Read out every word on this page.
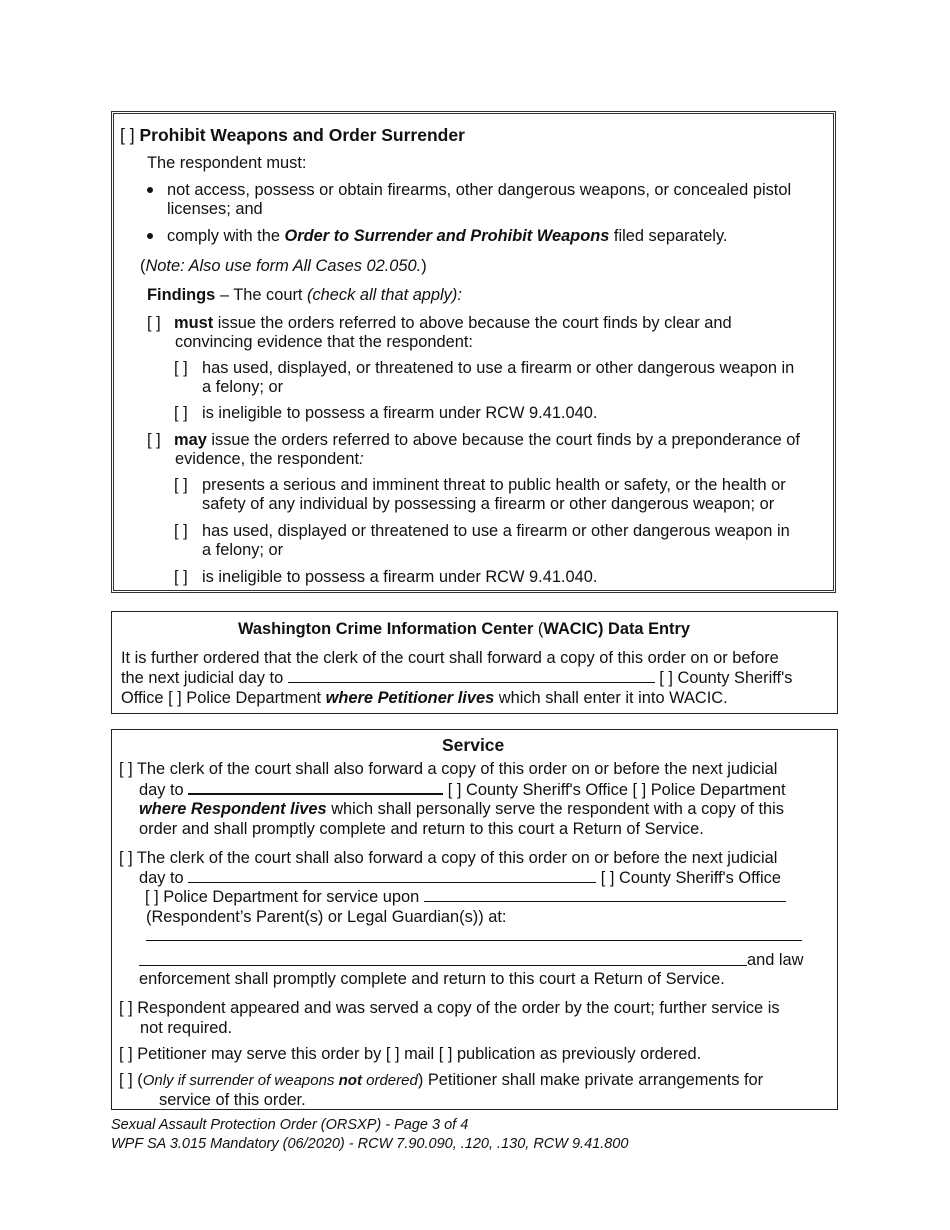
[ ] Prohibit Weapons and Order Surrender
The respondent must:
not access, possess or obtain firearms, other dangerous weapons, or concealed pistol
licenses; and
comply with the Order to Surrender and Prohibit Weapons filed separately.
(Note: Also use form All Cases 02.050.)
Findings – The court (check all that apply):
[ ] must issue the orders referred to above because the court finds by clear and
convincing evidence that the respondent:
[ ] has used, displayed, or threatened to use a firearm or other dangerous weapon in
a felony; or
[ ] is ineligible to possess a firearm under RCW 9.41.040.
[ ] may issue the orders referred to above because the court finds by a preponderance of
evidence, the respondent:
[ ] presents a serious and imminent threat to public health or safety, or the health or
safety of any individual by possessing a firearm or other dangerous weapon; or
[ ] has used, displayed or threatened to use a firearm or other dangerous weapon in
a felony; or
[ ] is ineligible to possess a firearm under RCW 9.41.040.
Washington Crime Information Center (WACIC) Data Entry
It is further ordered that the clerk of the court shall forward a copy of this order on or before
the next judicial day to	[ ] County Sheriff's
Office [ ] Police Department where Petitioner lives which shall enter it into WACIC.
Service
[ ] The clerk of the court shall also forward a copy of this order on or before the next judicial
day to	[ ] County Sheriff's Office [ ] Police Department
where Respondent lives which shall personally serve the respondent with a copy of this
order and shall promptly complete and return to this court a Return of Service.
[ ] The clerk of the court shall also forward a copy of this order on or before the next judicial
day to	[ ] County Sheriff's Office
[ ] Police Department for service upon
(Respondent’s Parent(s) or Legal Guardian(s)) at:
and law
enforcement shall promptly complete and return to this court a Return of Service.
[ ] Respondent appeared and was served a copy of the order by the court; further service is
not required.
[ ] Petitioner may serve this order by [ ] mail [ ] publication as previously ordered.
[ ] (Only if surrender of weapons not ordered) Petitioner shall make private arrangements for
service of this order.
Sexual Assault Protection Order (ORSXP) - Page 3 of 4
WPF SA 3.015 Mandatory (06/2020) - RCW 7.90.090, .120, .130, RCW 9.41.800
